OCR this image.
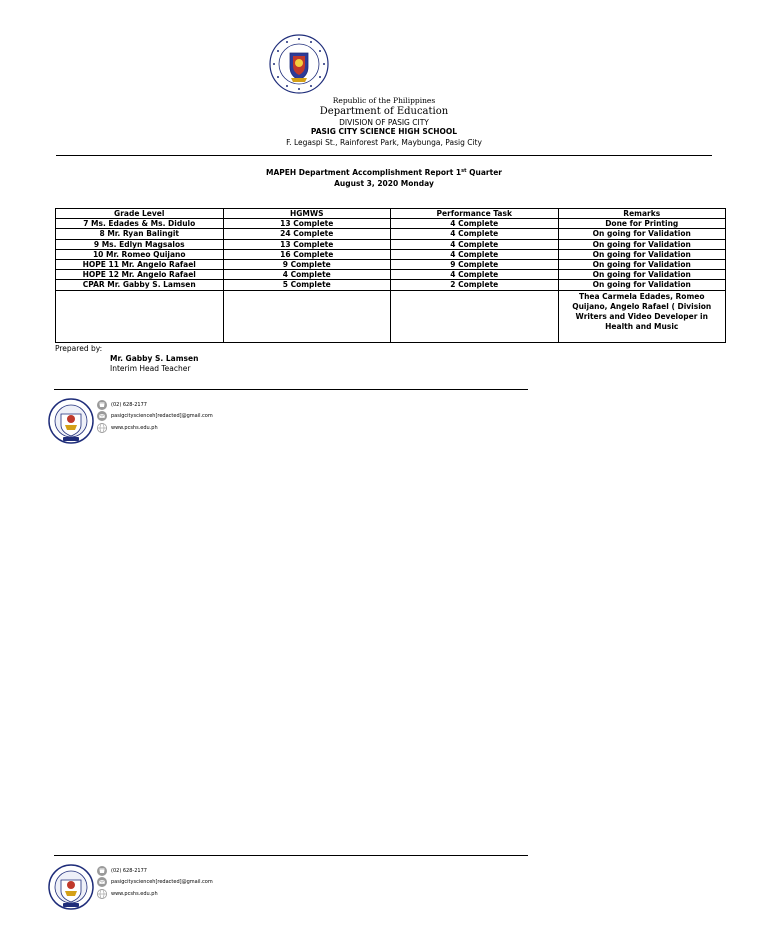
Republic of the Philippines
Department of Education
DIVISION OF PASIG CITY
PASIG CITY SCIENCE HIGH SCHOOL
F. Legaspi St., Rainforest Park, Maybunga, Pasig City
MAPEH Department Accomplishment Report 1st Quarter
August 3, 2020 Monday
Grade Level	HGMWS	Performance Task	Remarks
7 Ms. Edades & Ms. Didulo	13 Complete	4 Complete	Done for Printing
8 Mr. Ryan Balingit	24 Complete	4 Complete	On going for Validation
9 Ms. Edlyn Magsalos	13 Complete	4 Complete	On going for Validation
10 Mr. Romeo Quijano	16 Complete	4 Complete	On going for Validation
HOPE 11 Mr. Angelo Rafael	9 Complete	9 Complete	On going for Validation
HOPE 12 Mr. Angelo Rafael	4 Complete	4 Complete	On going for Validation
CPAR Mr. Gabby S. Lamsen	5 Complete	2 Complete	On going for Validation
			Thea Carmela Edades, Romeo Quijano, Angelo Rafael ( Division Writers and Video Developer in Health and Music
Prepared by:
Mr. Gabby S. Lamsen
Interim Head Teacher
(02) 628-2177
pasigcityscienceh[redacted]@gmail.com
www.pcshs.edu.ph
(02) 628-2177
pasigcityscienceh[redacted]@gmail.com
www.pcshs.edu.ph
